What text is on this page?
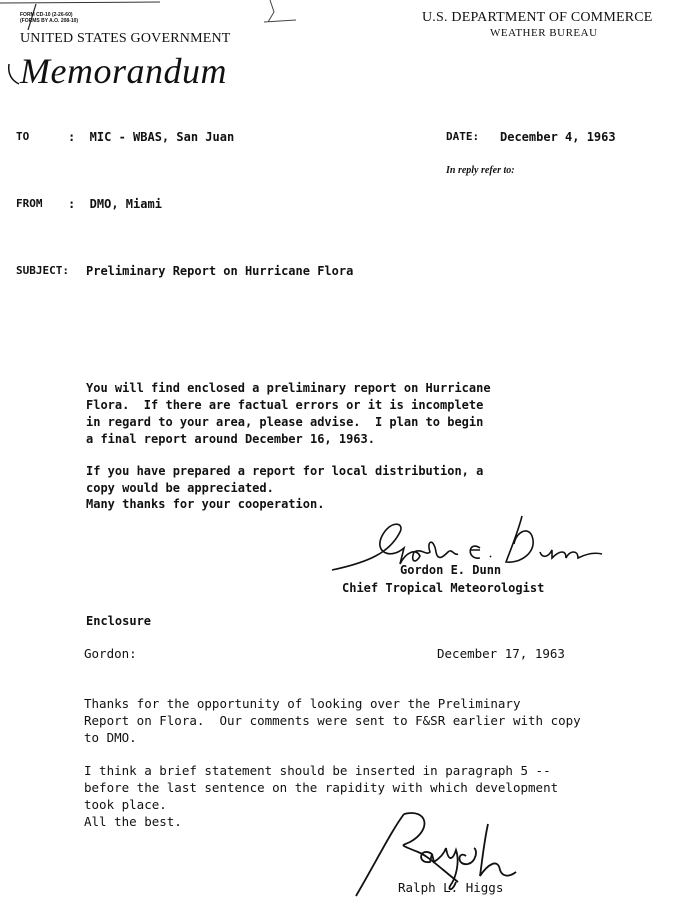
FORM CD-10 (2-26-60)
(FORMS BY A.O. 208-10)
UNITED STATES GOVERNMENT
Memorandum
U.S. DEPARTMENT OF COMMERCE
WEATHER BUREAU
TO	:  MIC - WBAS, San Juan	DATE: December 4, 1963
In reply refer to:
FROM :  DMO, Miami
SUBJECT: Preliminary Report on Hurricane Flora

You will find enclosed a preliminary report on Hurricane
Flora.  If there are factual errors or it is incomplete
in regard to your area, please advise.  I plan to begin
a final report around December 16, 1963.

If you have prepared a report for local distribution, a
copy would be appreciated.
Many thanks for your cooperation.
Gordon E. Dunn
Chief Tropical Meteorologist
Enclosure
Gordon:	December 17, 1963

Thanks for the opportunity of looking over the Preliminary
Report on Flora.  Our comments were sent to F&SR earlier with copy
to DMO.

I think a brief statement should be inserted in paragraph 5 --
before the last sentence on the rapidity with which development
took place.
All the best.
Ralph L. Higgs
